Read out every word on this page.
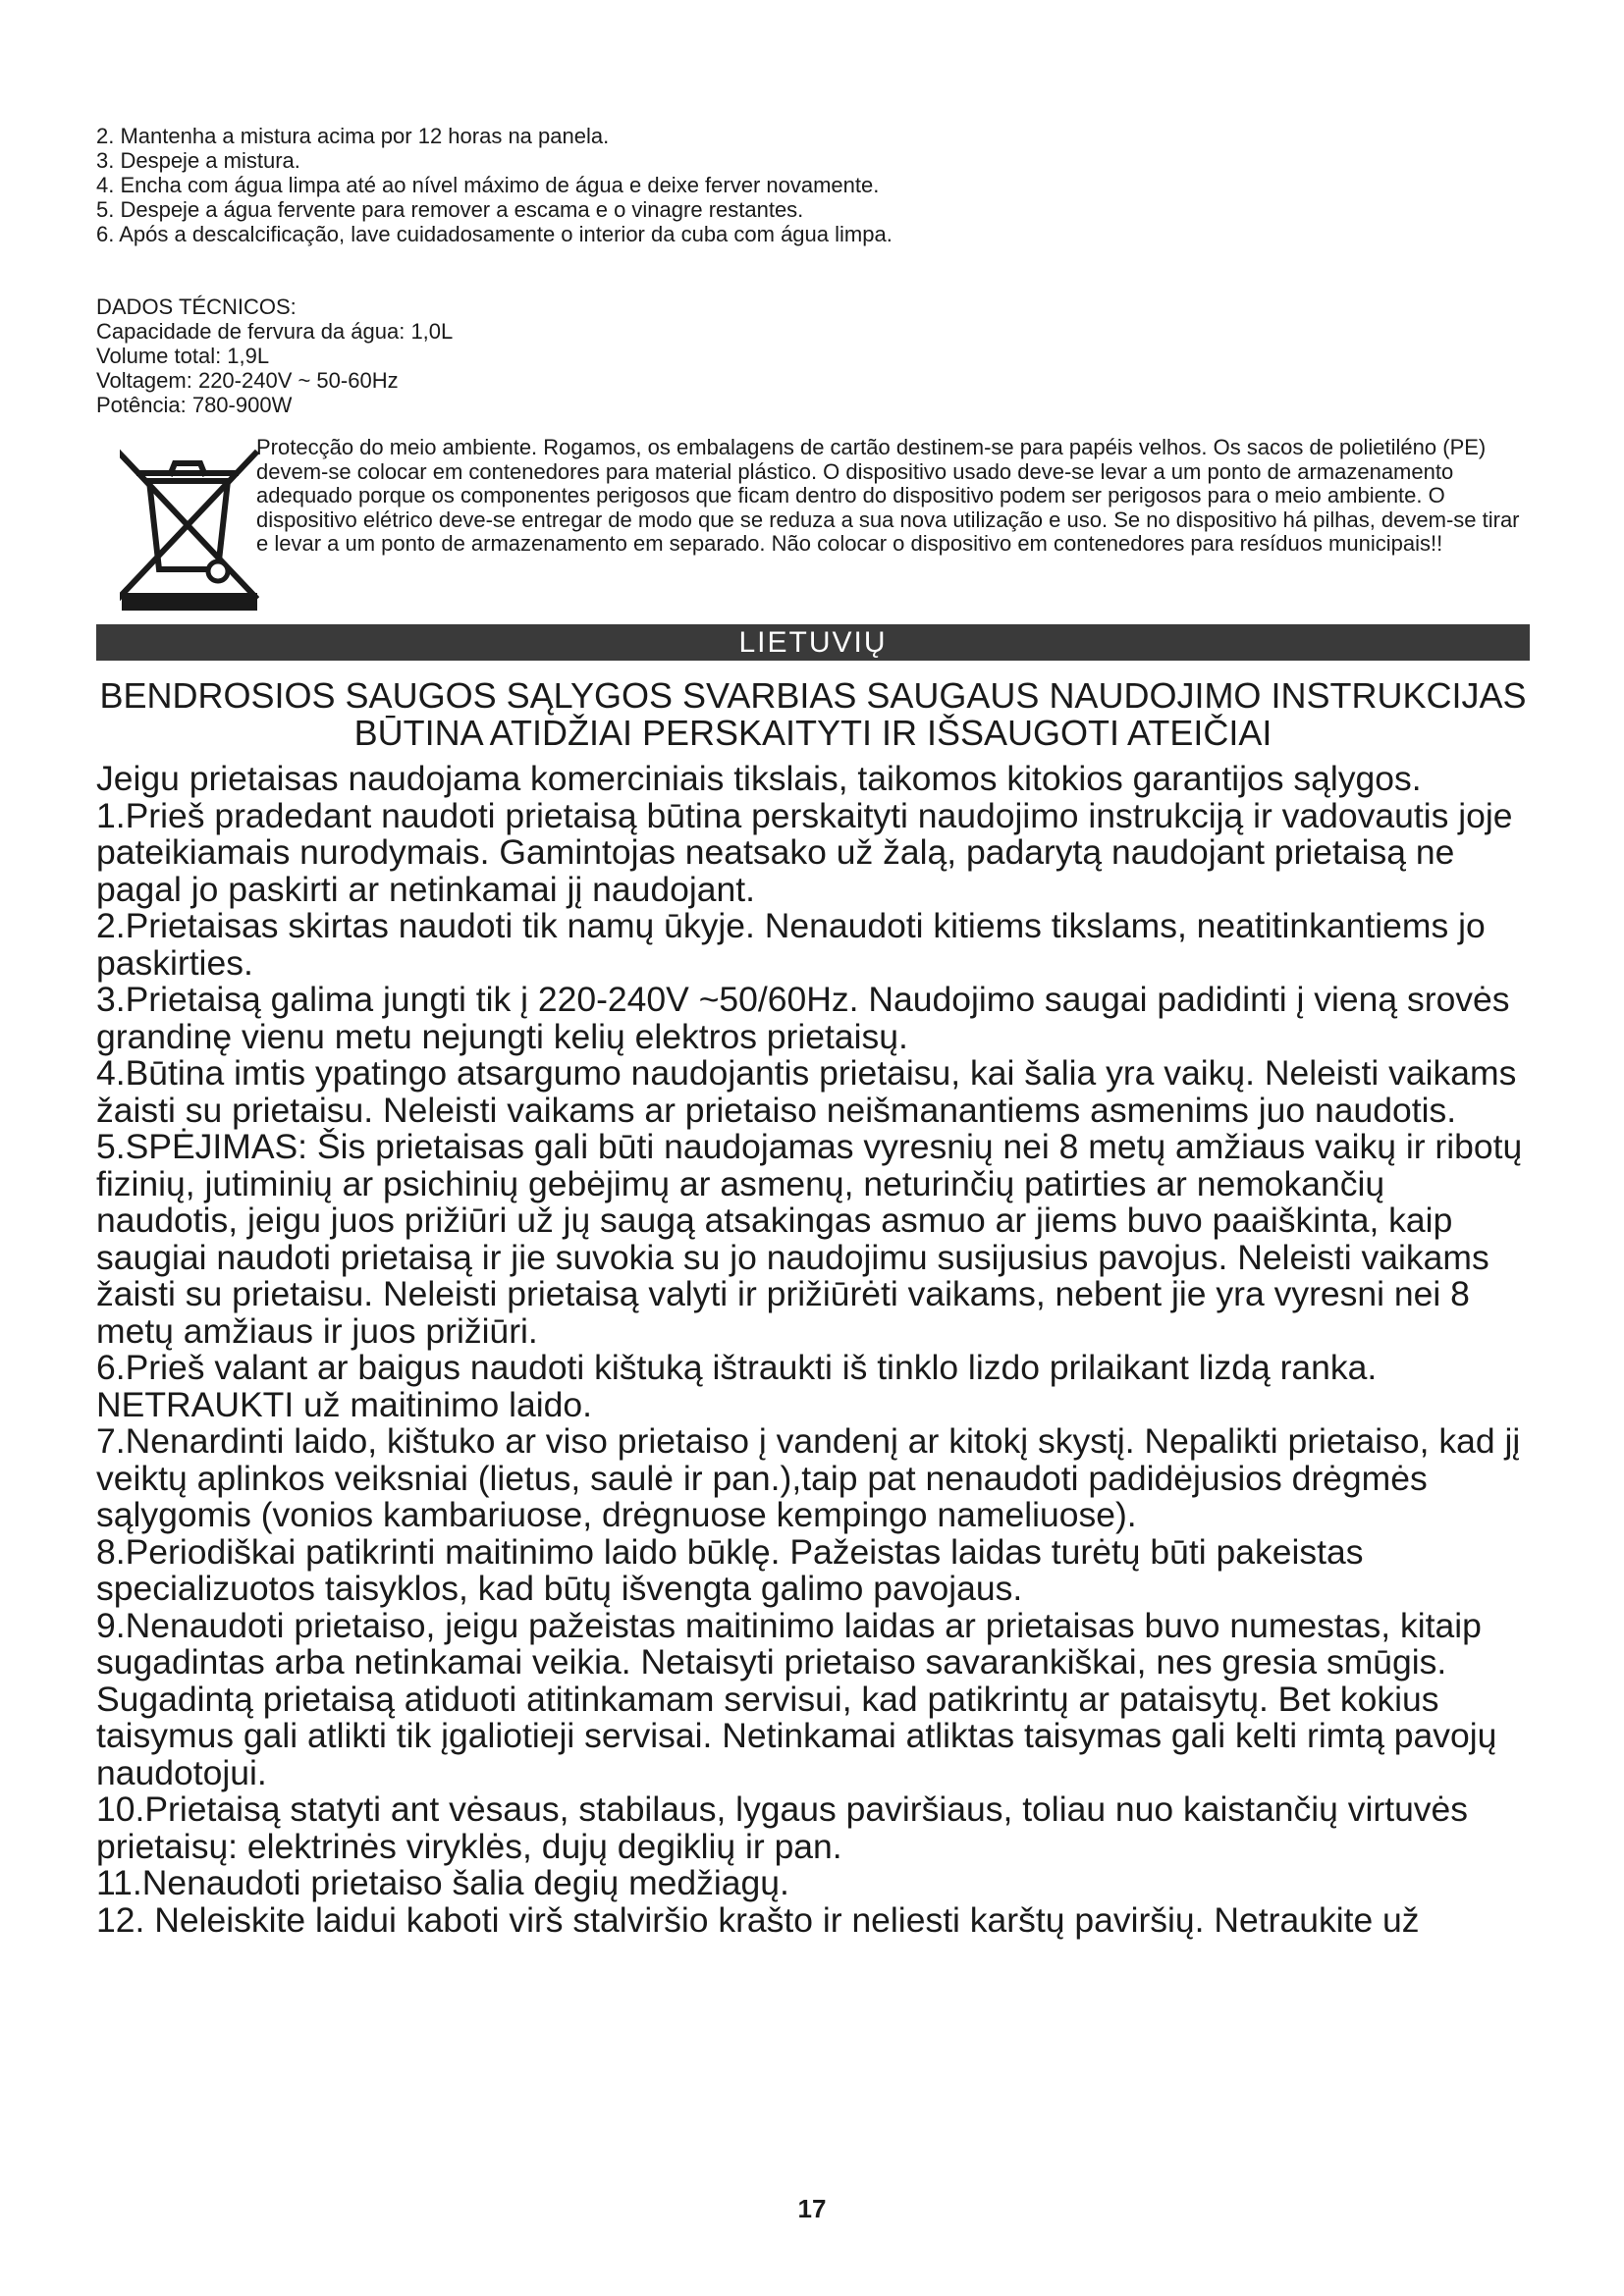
2. Mantenha a mistura acima por 12 horas na panela.
3. Despeje a mistura.
4. Encha com água limpa até ao nível máximo de água e deixe ferver novamente.
5. Despeje a água fervente para remover a escama e o vinagre restantes.
6. Após a descalcificação, lave cuidadosamente o interior da cuba com água limpa.
DADOS TÉCNICOS:
Capacidade de fervura da água: 1,0L
Volume total: 1,9L
Voltagem: 220-240V ~ 50-60Hz
Potência: 780-900W
Protecção do meio ambiente. Rogamos, os embalagens de cartão destinem-se para papéis velhos. Os sacos de polietiléno (PE) devem-se colocar em contenedores para material plástico. O dispositivo usado deve-se levar a um ponto de armazenamento adequado porque os componentes perigosos que ficam dentro do dispositivo podem ser perigosos para o meio ambiente. O dispositivo elétrico deve-se entregar de modo que se reduza a sua nova utilização e uso. Se no dispositivo há pilhas, devem-se tirar e levar a um ponto de armazenamento em separado. Não colocar o dispositivo em contenedores para resíduos municipais!!
LIETUVIŲ
BENDROSIOS SAUGOS SĄLYGOS SVARBIAS SAUGAUS NAUDOJIMO INSTRUKCIJAS BŪTINA ATIDŽIAI PERSKAITYTI IR IŠSAUGOTI ATEIČIAI

Jeigu prietaisas naudojama komerciniais tikslais, taikomos kitokios garantijos sąlygos.

1.Prieš pradedant naudoti prietaisą būtina perskaityti naudojimo instrukciją ir vadovautis joje pateikiamais nurodymais. Gamintojas neatsako už žalą, padarytą naudojant prietaisą ne pagal jo paskirti ar netinkamai jį naudojant.

2.Prietaisas skirtas naudoti tik namų ūkyje. Nenaudoti kitiems tikslams, neatitinkantiems jo paskirties.

3.Prietaisą galima jungti tik į 220-240V ~50/60Hz. Naudojimo saugai padidinti į vieną srovės grandinę vienu metu nejungti kelių elektros prietaisų.

4.Būtina imtis ypatingo atsargumo naudojantis prietaisu, kai šalia yra vaikų. Neleisti vaikams žaisti su prietaisu. Neleisti vaikams ar prietaiso neišmanantiems asmenims juo naudotis.

5.SPĖJIMAS: Šis prietaisas gali būti naudojamas vyresnių nei 8 metų amžiaus vaikų ir ribotų fizinių, jutiminių ar psichinių gebėjimų ar asmenų, neturinčių patirties ar nemokančių naudotis, jeigu juos prižiūri už jų saugą atsakingas asmuo ar jiems buvo paaiškinta, kaip saugiai naudoti prietaisą ir jie suvokia su jo naudojimu susijusius pavojus. Neleisti vaikams žaisti su prietaisu. Neleisti prietaisą valyti ir prižiūrėti vaikams, nebent jie yra vyresni nei 8 metų amžiaus ir juos prižiūri.

6.Prieš valant ar baigus naudoti kištuką ištraukti iš tinklo lizdo prilaikant lizdą ranka. NETRAUKTI už maitinimo laido.

7.Nenardinti laido, kištuko ar viso prietaiso į vandenį ar kitokį skystį. Nepalikti prietaiso, kad jį veiktų aplinkos veiksniai (lietus, saulė ir pan.),taip pat nenaudoti padidėjusios drėgmės sąlygomis (vonios kambariuose, drėgnuose kempingo nameliuose).

8.Periodiškai patikrinti maitinimo laido būklę. Pažeistas laidas turėtų būti pakeistas specializuotos taisyklos, kad būtų išvengta galimo pavojaus.

9.Nenaudoti prietaiso, jeigu pažeistas maitinimo laidas ar prietaisas buvo numestas, kitaip sugadintas arba netinkamai veikia. Netaisyti prietaiso savarankiškai, nes gresia smūgis. Sugadintą prietaisą atiduoti atitinkamam servisui, kad patikrintų ar pataisytų. Bet kokius taisymus gali atlikti tik įgaliotieji servisai. Netinkamai atliktas taisymas gali kelti rimtą pavojų naudotojui.

10.Prietaisą statyti ant vėsaus, stabilaus, lygaus paviršiaus, toliau nuo kaistančių virtuvės prietaisų: elektrinės viryklės, dujų degiklių ir pan.

11.Nenaudoti prietaiso šalia degių medžiagų.

12. Neleiskite laidui kaboti virš stalviršio krašto ir neliesti karštų paviršių. Netraukite už

17
